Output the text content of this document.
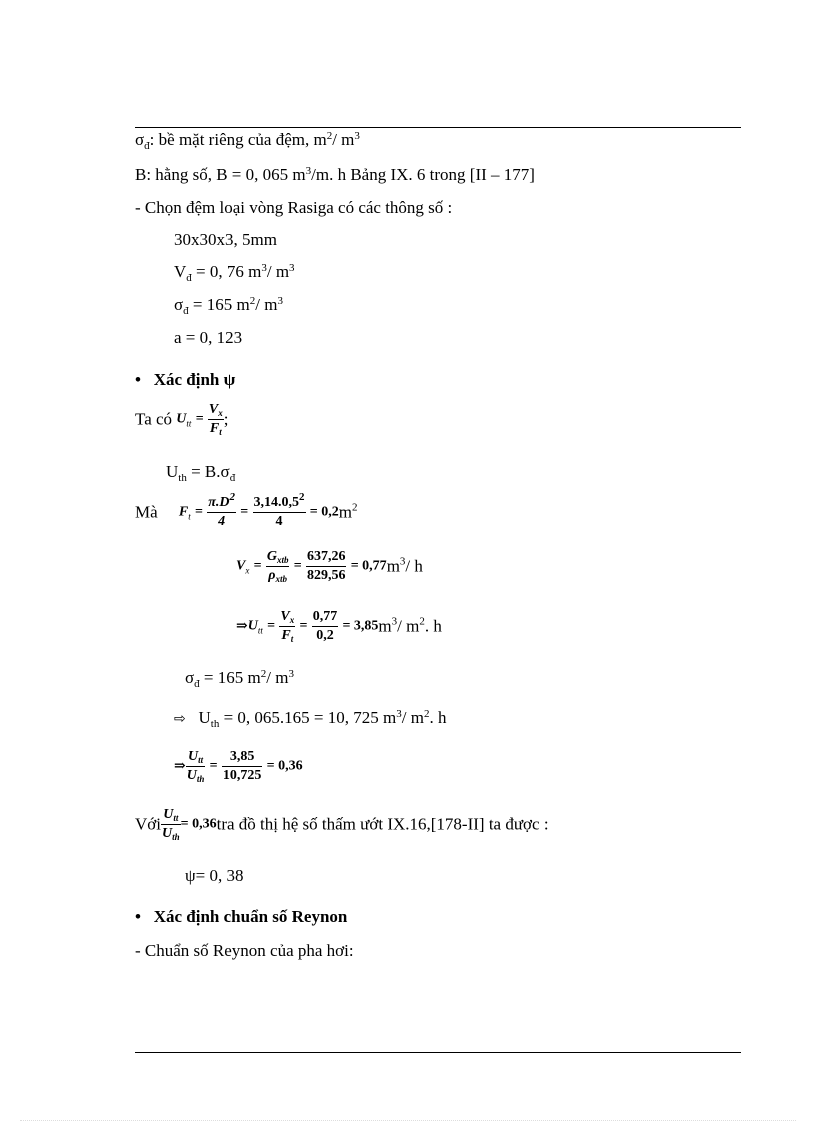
$\sigma_đ$: bề mặt riêng của đệm, $m^2/$ $m^3$
B: hằng số, B = 0, 065 $m^3/m$. h Bảng IX. 6 trong [II – 177]
- Chọn đệm loại vòng Rasiga có các thông số :
30x30x3, 5mm
$V_đ = 0$, 76 $m^3/$ $m^3$
$\sigma_đ = 165$ $m^2/$ $m^3$
a = 0, 123
• Xác định ψ
Ta có Utt = $\frac{V_x}{F_t}$ ;
$U_{th} = B.\sigma_đ$
Mà $Ft = \frac{\pi.D^2}{4} = \frac{3,14.0,5^2}{4} = 0,2m^2$
$Vx = \frac{G_{xtb}}{\rho_{xtb}} = \frac{637,26}{829,56} = 0,77m^3/$ h
⇒Utt = $\frac{V_x}{F_t} = \frac{0,77}{0,2} = 3,85m^3/$ $m^2$. h
$\sigma_đ = 165$ $m^2/$ $m^3$
⇨ $U_{th} = 0$, 065.165 = 10, 725 $m^3/$ $m^2$. h
⇒ $\frac{U_{tt}}{U_{th}} = \frac{3,85}{10,725} = 0,36$
Với $\frac{U_{tt}}{U_{th}} = 0,36tra$ đồ thị hệ số thấm ướt IX.16,[178-II] ta được :
ψ= 0, 38
• Xác định chuẩn số Reynon
- Chuẩn số Reynon của pha hơi:
